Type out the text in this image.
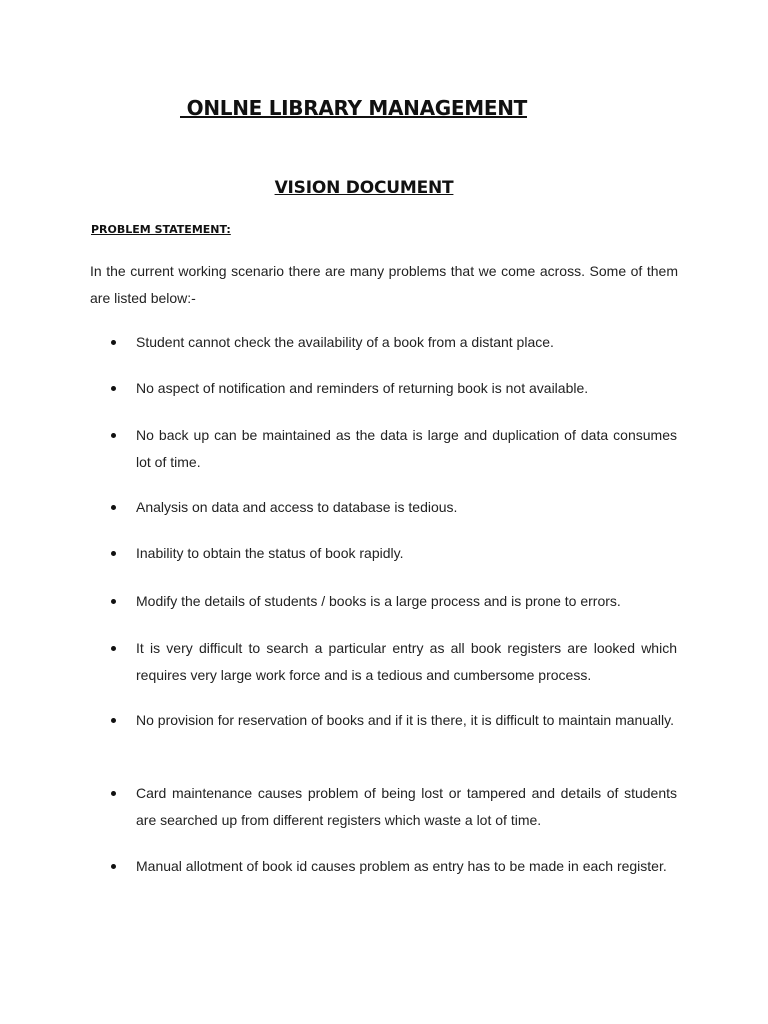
ONLNE LIBRARY MANAGEMENT
VISION DOCUMENT
PROBLEM STATEMENT:

In the current working scenario there are many problems that we come across. Some of them are listed below:-

Student cannot check the availability of a book from a distant place.

No aspect of notification and reminders of returning book is not available.

No back up can be maintained as the data is large and duplication of data consumes lot of time.

Analysis on data and access to database is tedious.

Inability to obtain the status of book rapidly.

Modify the details of students / books is a large process and is prone to errors.

It is very difficult to search a particular entry as all book registers are looked which requires very large work force and is a tedious and cumbersome process.

No provision for reservation of books and if it is there, it is difficult to maintain manually.

Card maintenance causes problem of being lost or tampered and details of students are searched up from different registers which waste a lot of time.

Manual allotment of book id causes problem as entry has to be made in each register.
